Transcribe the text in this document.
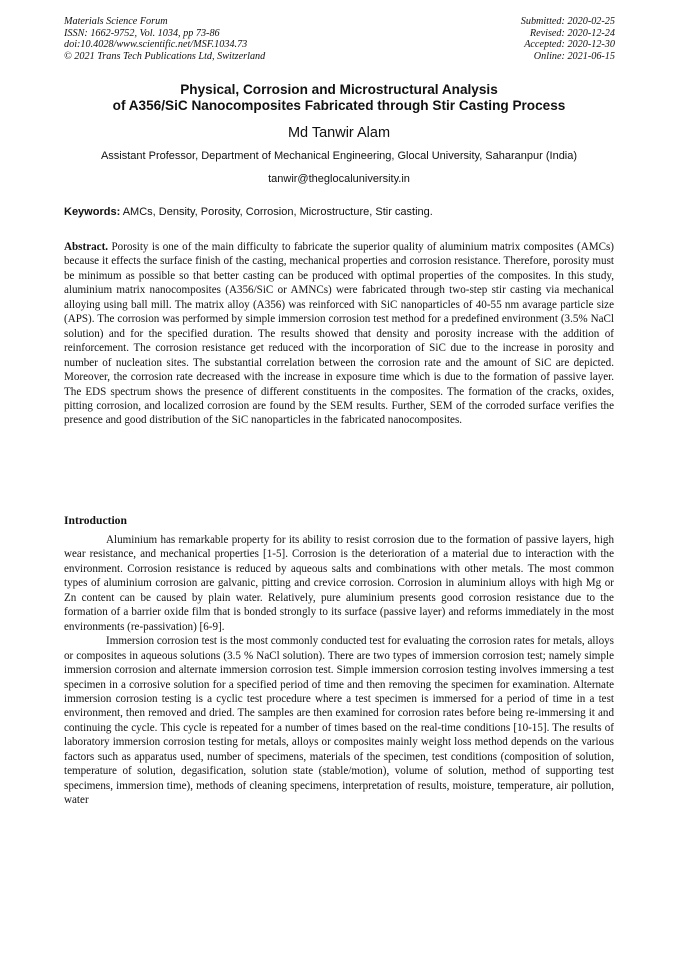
Materials Science Forum
ISSN: 1662-9752, Vol. 1034, pp 73-86
doi:10.4028/www.scientific.net/MSF.1034.73
© 2021 Trans Tech Publications Ltd, Switzerland
Submitted: 2020-02-25
Revised: 2020-12-24
Accepted: 2020-12-30
Online: 2021-06-15
Physical, Corrosion and Microstructural Analysis
of A356/SiC Nanocomposites Fabricated through Stir Casting Process
Md Tanwir Alam
Assistant Professor, Department of Mechanical Engineering, Glocal University, Saharanpur (India)
tanwir@theglocaluniversity.in
Keywords: AMCs, Density, Porosity, Corrosion, Microstructure, Stir casting.
Abstract. Porosity is one of the main difficulty to fabricate the superior quality of aluminium matrix composites (AMCs) because it effects the surface finish of the casting, mechanical properties and corrosion resistance. Therefore, porosity must be minimum as possible so that better casting can be produced with optimal properties of the composites. In this study, aluminium matrix nanocomposites (A356/SiC or AMNCs) were fabricated through two-step stir casting via mechanical alloying using ball mill. The matrix alloy (A356) was reinforced with SiC nanoparticles of 40-55 nm avarage particle size (APS). The corrosion was performed by simple immersion corrosion test method for a predefined environment (3.5% NaCl solution) and for the specified duration. The results showed that density and porosity increase with the addition of reinforcement. The corrosion resistance get reduced with the incorporation of SiC due to the increase in porosity and number of nucleation sites. The substantial correlation between the corrosion rate and the amount of SiC are depicted. Moreover, the corrosion rate decreased with the increase in exposure time which is due to the formation of passive layer. The EDS spectrum shows the presence of different constituents in the composites. The formation of the cracks, oxides, pitting corrosion, and localized corrosion are found by the SEM results. Further, SEM of the corroded surface verifies the presence and good distribution of the SiC nanoparticles in the fabricated nanocomposites.
Introduction

Aluminium has remarkable property for its ability to resist corrosion due to the formation of passive layers, high wear resistance, and mechanical properties [1-5]. Corrosion is the deterioration of a material due to interaction with the environment. Corrosion resistance is reduced by aqueous salts and combinations with other metals. The most common types of aluminium corrosion are galvanic, pitting and crevice corrosion. Corrosion in aluminium alloys with high Mg or Zn content can be caused by plain water. Relatively, pure aluminium presents good corrosion resistance due to the formation of a barrier oxide film that is bonded strongly to its surface (passive layer) and reforms immediately in the most environments (re-passivation) [6-9].

Immersion corrosion test is the most commonly conducted test for evaluating the corrosion rates for metals, alloys or composites in aqueous solutions (3.5 % NaCl solution). There are two types of immersion corrosion test; namely simple immersion corrosion and alternate immersion corrosion test. Simple immersion corrosion testing involves immersing a test specimen in a corrosive solution for a specified period of time and then removing the specimen for examination. Alternate immersion corrosion testing is a cyclic test procedure where a test specimen is immersed for a period of time in a test environment, then removed and dried. The samples are then examined for corrosion rates before being re-immersing it and continuing the cycle. This cycle is repeated for a number of times based on the real-time conditions [10-15]. The results of laboratory immersion corrosion testing for metals, alloys or composites mainly weight loss method depends on the various factors such as apparatus used, number of specimens, materials of the specimen, test conditions (composition of solution, temperature of solution, degasification, solution state (stable/motion), volume of solution, method of supporting test specimens, immersion time), methods of cleaning specimens, interpretation of results, moisture, temperature, air pollution, water
